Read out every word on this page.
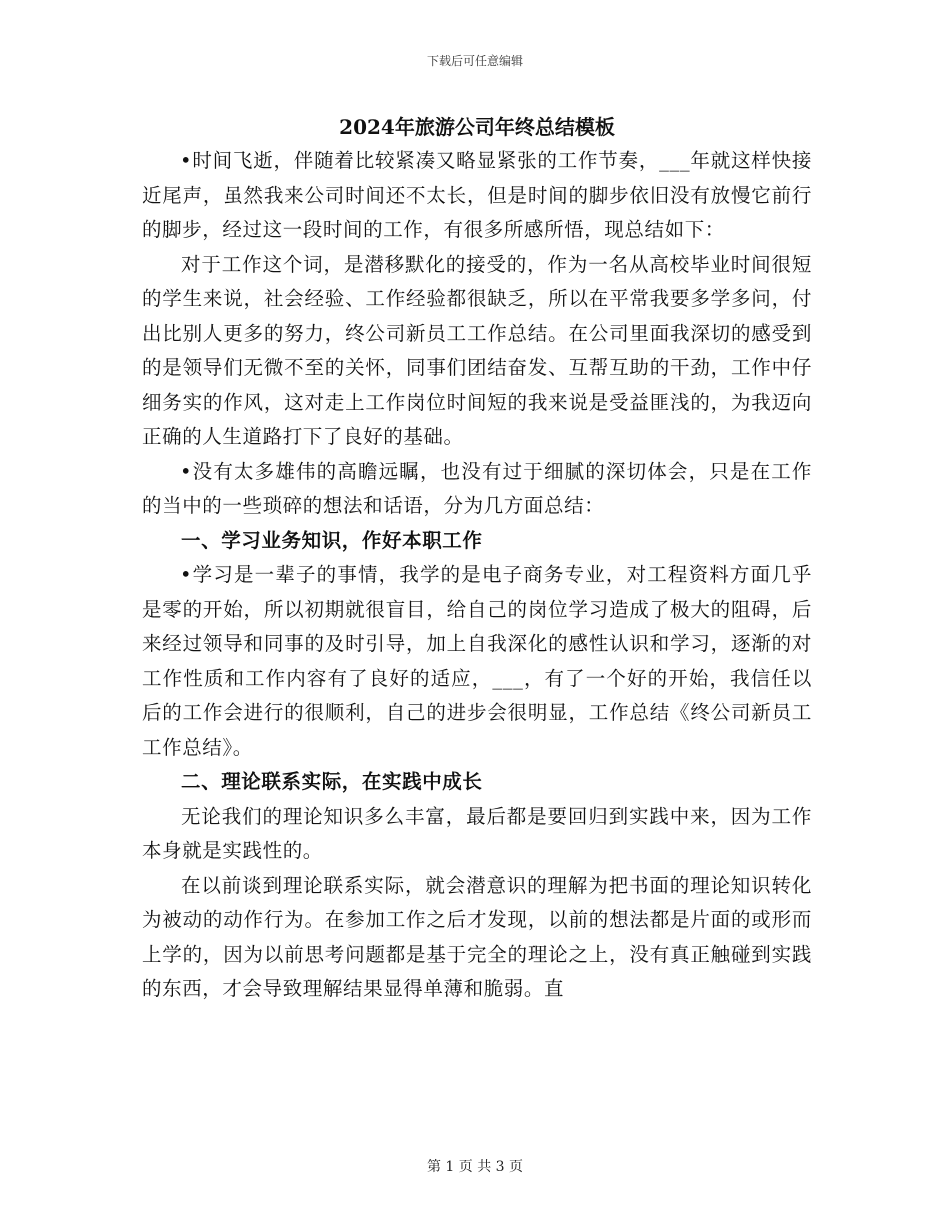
下载后可任意编辑
2024年旅游公司年终总结模板

•时间飞逝，伴随着比较紧凑又略显紧张的工作节奏，___年就这样快接近尾声，虽然我来公司时间还不太长，但是时间的脚步依旧没有放慢它前行的脚步，经过这一段时间的工作，有很多所感所悟，现总结如下：

对于工作这个词，是潜移默化的接受的，作为一名从高校毕业时间很短的学生来说，社会经验、工作经验都很缺乏，所以在平常我要多学多问，付出比别人更多的努力，终公司新员工工作总结。在公司里面我深切的感受到的是领导们无微不至的关怀，同事们团结奋发、互帮互助的干劲，工作中仔细务实的作风，这对走上工作岗位时间短的我来说是受益匪浅的，为我迈向正确的人生道路打下了良好的基础。

•没有太多雄伟的高瞻远瞩，也没有过于细腻的深切体会，只是在工作的当中的一些琐碎的想法和话语，分为几方面总结：

一、学习业务知识，作好本职工作

•学习是一辈子的事情，我学的是电子商务专业，对工程资料方面几乎是零的开始，所以初期就很盲目，给自己的岗位学习造成了极大的阻碍，后来经过领导和同事的及时引导，加上自我深化的感性认识和学习，逐渐的对工作性质和工作内容有了良好的适应，___，有了一个好的开始，我信任以后的工作会进行的很顺利，自己的进步会很明显，工作总结《终公司新员工工作总结》。

二、理论联系实际，在实践中成长

无论我们的理论知识多么丰富，最后都是要回归到实践中来，因为工作本身就是实践性的。

在以前谈到理论联系实际，就会潜意识的理解为把书面的理论知识转化为被动的动作行为。在参加工作之后才发现，以前的想法都是片面的或形而上学的，因为以前思考问题都是基于完全的理论之上，没有真正触碰到实践的东西，才会导致理解结果显得单薄和脆弱。直

第 1 页 共 3 页
